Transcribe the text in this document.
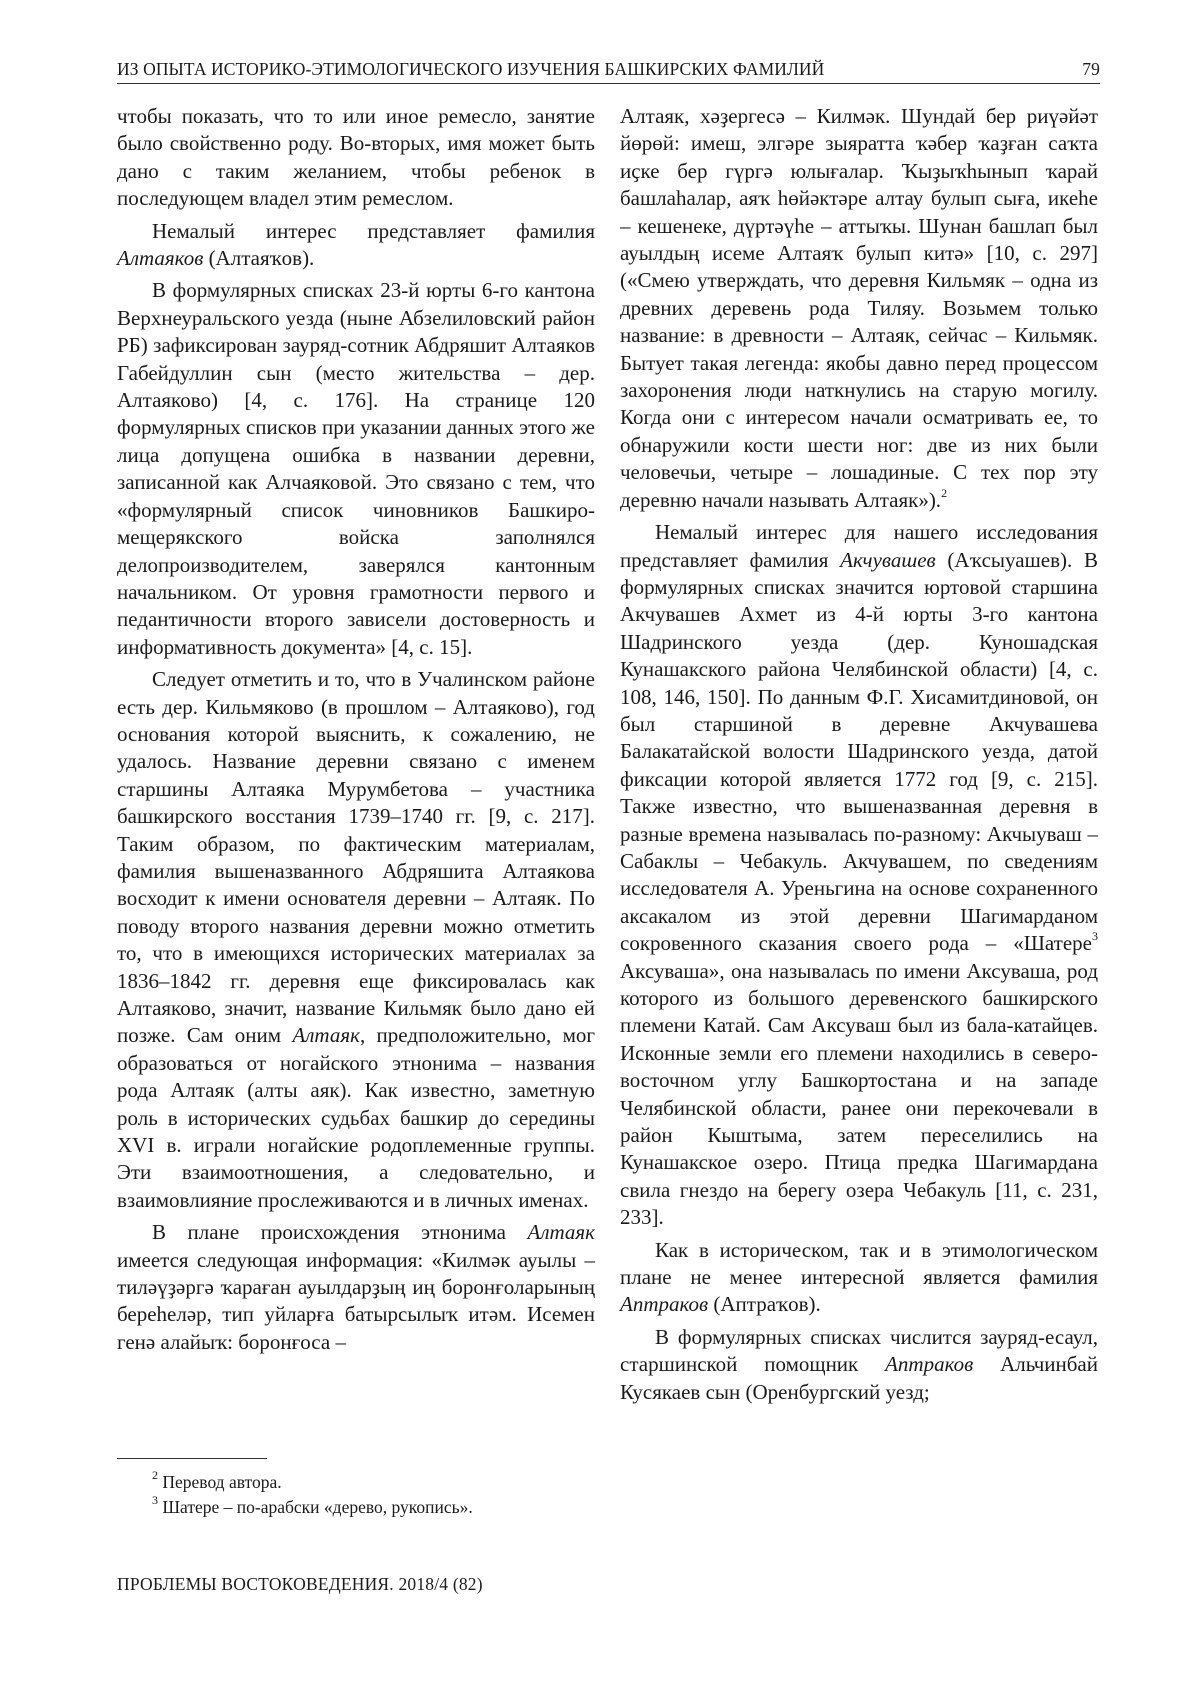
ИЗ ОПЫТА ИСТОРИКО-ЭТИМОЛОГИЧЕСКОГО ИЗУЧЕНИЯ БАШКИРСКИХ ФАМИЛИЙ	79

чтобы показать, что то или иное ремесло, занятие было свойственно роду. Во-вторых, имя может быть дано с таким желанием, чтобы ребенок в последующем владел этим ремеслом.

Немалый интерес представляет фамилия Алтаяков (Алтаяҡов).

В формулярных списках 23-й юрты 6-го кантона Верхнеуральского уезда (ныне Абзелиловский район РБ) зафиксирован зауряд-сотник Абдряшит Алтаяков Габейдуллин сын (место жительства – дер. Алтаяково) [4, с. 176]. На странице 120 формулярных списков при указании данных этого же лица допущена ошибка в названии деревни, записанной как Алчаяковой. Это связано с тем, что «формулярный список чиновников Башкиро-мещерякского войска заполнялся делопроизводителем, заверялся кантонным начальником. От уровня грамотности первого и педантичности второго зависели достоверность и информативность документа» [4, с. 15].

Следует отметить и то, что в Учалинском районе есть дер. Кильмяково (в прошлом – Алтаяково), год основания которой выяснить, к сожалению, не удалось. Название деревни связано с именем старшины Алтаяка Мурумбетова – участника башкирского восстания 1739–1740 гг. [9, с. 217]. Таким образом, по фактическим материалам, фамилия вышеназванного Абдряшита Алтаякова восходит к имени основателя деревни – Алтаяк. По поводу второго названия деревни можно отметить то, что в имеющихся исторических материалах за 1836–1842 гг. деревня еще фиксировалась как Алтаяково, значит, название Кильмяк было дано ей позже. Сам оним Алтаяк, предположительно, мог образоваться от ногайского этнонима – названия рода Алтаяк (алты аяк). Как известно, заметную роль в исторических судьбах башкир до середины XVI в. играли ногайские родоплеменные группы. Эти взаимоотношения, а следовательно, и взаимовлияние прослеживаются и в личных именах.

В плане происхождения этнонима Алтаяк имеется следующая информация: «Килмәк ауылы – тиләүҙәргә ҡараған ауылдарҙың иң боронғоларының береһеләр, тип уйларға батырсылыҡ итәм. Исемен генә алайыҡ: боронғоса –

Алтаяк, хәҙергесә – Килмәк. Шундай бер риүәйәт йөрөй: имеш, элгәре зыяратта ҡәбер ҡаҙған саҡта иҫке бер гүргә юлығалар. Ҡыҙыҡһынып ҡарай башлаһалар, аяҡ һөйәктәре алтау булып сыға, икеһе – кешенеке, дүртәүһе – аттыҡы. Шунан башлап был ауылдың исеме Алтаяҡ булып китә» [10, с. 297] («Смею утверждать, что деревня Кильмяк – одна из древних деревень рода Тиляу. Возьмем только название: в древности – Алтаяк, сейчас – Кильмяк. Бытует такая легенда: якобы давно перед процессом захоронения люди наткнулись на старую могилу. Когда они с интересом начали осматривать ее, то обнаружили кости шести ног: две из них были человечьи, четыре – лошадиные. С тех пор эту деревню начали называть Алтаяк»).$^2$

Немалый интерес для нашего исследования представляет фамилия Акчувашев (Аҡсыуашев). В формулярных списках значится юртовой старшина Акчувашев Ахмет из 4-й юрты 3-го кантона Шадринского уезда (дер. Куношадская Кунашакского района Челябинской области) [4, с. 108, 146, 150]. По данным Ф.Г. Хисамитдиновой, он был старшиной в деревне Акчувашева Балакатайской волости Шадринского уезда, датой фиксации которой является 1772 год [9, с. 215]. Также известно, что вышеназванная деревня в разные времена называлась по-разному: Акчыуваш – Сабаклы – Чебакуль. Акчувашем, по сведениям исследователя А. Уреньгина на основе сохраненного аксакалом из этой деревни Шагимарданом сокровенного сказания своего рода – «Шатере$^3$ Аксуваша», она называлась по имени Аксуваша, род которого из большого деревенского башкирского племени Катай. Сам Аксуваш был из бала-катайцев. Исконные земли его племени находились в северо-восточном углу Башкортостана и на западе Челябинской области, ранее они перекочевали в район Кыштыма, затем переселились на Кунашакское озеро. Птица предка Шагимардана свила гнездо на берегу озера Чебакуль [11, с. 231, 233].

Как в историческом, так и в этимологическом плане не менее интересной является фамилия Аптраков (Аптраҡов).

В формулярных списках числится зауряд-есаул, старшинской помощник Аптраков Альчинбай Кусякаев сын (Оренбургский уезд;

$^2$ Перевод автора.
$^3$ Шатере – по-арабски «дерево, рукопись».
ПРОБЛЕМЫ ВОСТОКОВЕДЕНИЯ. 2018/4 (82)
